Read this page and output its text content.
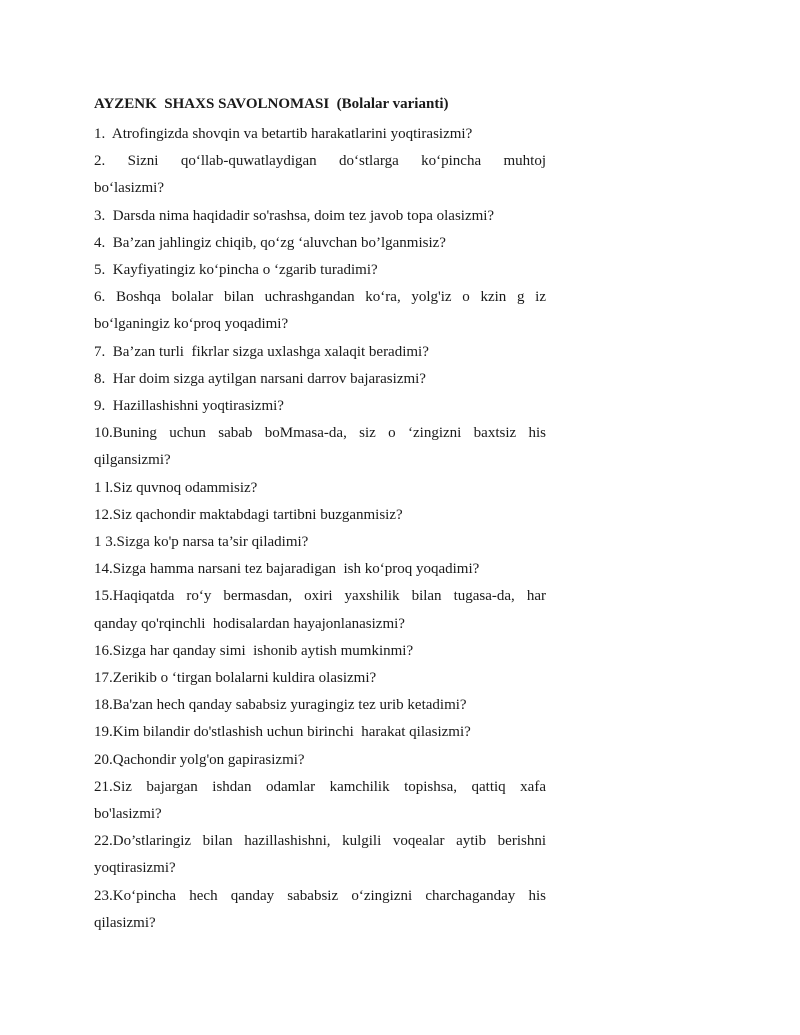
AYZENK  SHAXS SAVOLNOMASI  (Bolalar varianti)
1.  Atrofingizda shovqin va betartib harakatlarini yoqtirasizmi?
2. Sizni qo‘llab-quwatlaydigan do‘stlarga ko‘pincha muhtoj
bo‘lasizmi?
3.  Darsda nima haqidadir so'rashsa, doim tez javob topa olasizmi?
4.  Ba’zan jahlingiz chiqib, qo‘zg ‘aluvchan bo’lganmisiz?
5.  Kayfiyatingiz ko‘pincha o ‘zgarib turadimi?
6. Boshqa bolalar bilan uchrashgandan ko‘ra, yolg'iz o kzin g iz
bo‘lganingiz ko‘proq yoqadimi?
7.  Ba’zan turli  fikrlar sizga uxlashga xalaqit beradimi?
8.  Har doim sizga aytilgan narsani darrov bajarasizmi?
9.  Hazillashishni yoqtirasizmi?
10.Buning uchun sabab boMmasa-da, siz o ‘zingizni baxtsiz his
qilgansizmi?
1 l.Siz quvnoq odammisiz?
12.Siz qachondir maktabdagi tartibni buzganmisiz?
1 3.Sizga ko'p narsa ta’sir qiladimi?
14.Sizga hamma narsani tez bajaradigan  ish ko‘proq yoqadimi?
15.Haqiqatda ro‘y bermasdan, oxiri yaxshilik bilan tugasa-da, har
qanday qo'rqinchli  hodisalardan hayajonlanasizmi?
16.Sizga har qanday simi  ishonib aytish mumkinmi?
17.Zerikib o ‘tirgan bolalarni kuldira olasizmi?
18.Ba'zan hech qanday sababsiz yuragingiz tez urib ketadimi?
19.Kim bilandir do'stlashish uchun birinchi  harakat qilasizmi?
20.Qachondir yolg'on gapirasizmi?
21.Siz bajargan ishdan odamlar kamchilik topishsa, qattiq xafa
bo'lasizmi?
22.Do’stlaringiz bilan hazillashishni, kulgili voqealar aytib berishni
yoqtirasizmi?
23.Ko‘pincha hech qanday sababsiz o‘zingizni charchaganday his
qilasizmi?
